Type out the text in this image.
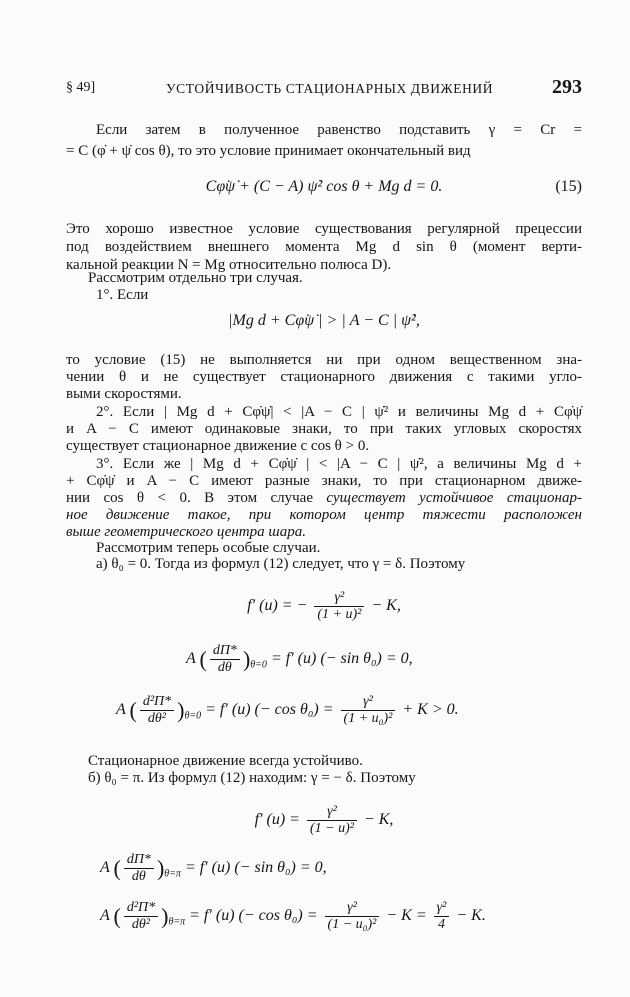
§ 49]	УСТОЙЧИВОСТЬ СТАЦИОНАРНЫХ ДВИЖЕНИЙ	293
Если затем в полученное равенство подставить γ = Cr =
= C (φ̇ + ψ̇ cos θ), то это условие принимает окончательный вид
Cφ̇ψ̇ + (C − A) ψ̇² cos θ + Mg d = 0.	(15)
Это хорошо известное условие существования регулярной прецессии
под воздействием внешнего момента Mg d sin θ (момент верти-
кальной реакции N = Mg относительно полюса D).
Рассмотрим отдельно три случая.
1°. Если
|Mg d + Cφ̇ψ̇ | > | A − C | ψ̇²,
то условие (15) не выполняется ни при одном вещественном зна-
чении θ и не существует стационарного движения с такими угло-
выми скоростями.
2°. Если | Mg d + Cφ̇ψ̇| < |A − C | ψ̇² и величины Mg d + Cφ̇ψ̇
и A − C имеют одинаковые знаки, то при таких угловых скоростях
существует стационарное движение с cos θ > 0.
3°. Если же | Mg d + Cφ̇ψ̇ | < |A − C | ψ̇², а величины Mg d +
+ Cφ̇ψ̇ и A − C имеют разные знаки, то при стационарном движе-
нии cos θ < 0. В этом случае существует устойчивое стационар-
ное движение такое, при котором центр тяжести расположен
выше геометрического центра шара.
Рассмотрим теперь особые случаи.
а) θ₀ = 0. Тогда из формул (12) следует, что γ = δ. Поэтому
f′ (u) = − $\frac{\text{γ²}}{\text{(1 + u)²}} - K$,
A ( $\frac{d\Pi*}{d\theta} )_{\theta=0} = f'$ (u) (− sin θ₀) = 0,
A ( $\frac{\text{d²Π*}}{\text{dθ²}} )_{\theta=0} = f'$ (u) (− $\cos \theta_0) = \frac{\text{γ²}}{\text{(1 + u₀)²}} + K > 0$.
Стационарное движение всегда устойчиво.
б) θ₀ = π. Из формул (12) находим: γ = − δ. Поэтому
f′ $(u) = \frac{\text{γ²}}{\text{(1 − u)²}} - K$,
A ( $\frac{d\Pi*}{d\theta} )_{\theta=\pi} = f'$ (u) (− sin θ₀) = 0,
A ( $\frac{\text{d²Π*}}{\text{dθ²}} )_{\theta=\pi} = f'$ (u) (− $\cos \theta_0) = \frac{\text{γ²}}{\text{(1 − u₀)²}} - K = \frac{\text{γ²}}{4} - K$.
